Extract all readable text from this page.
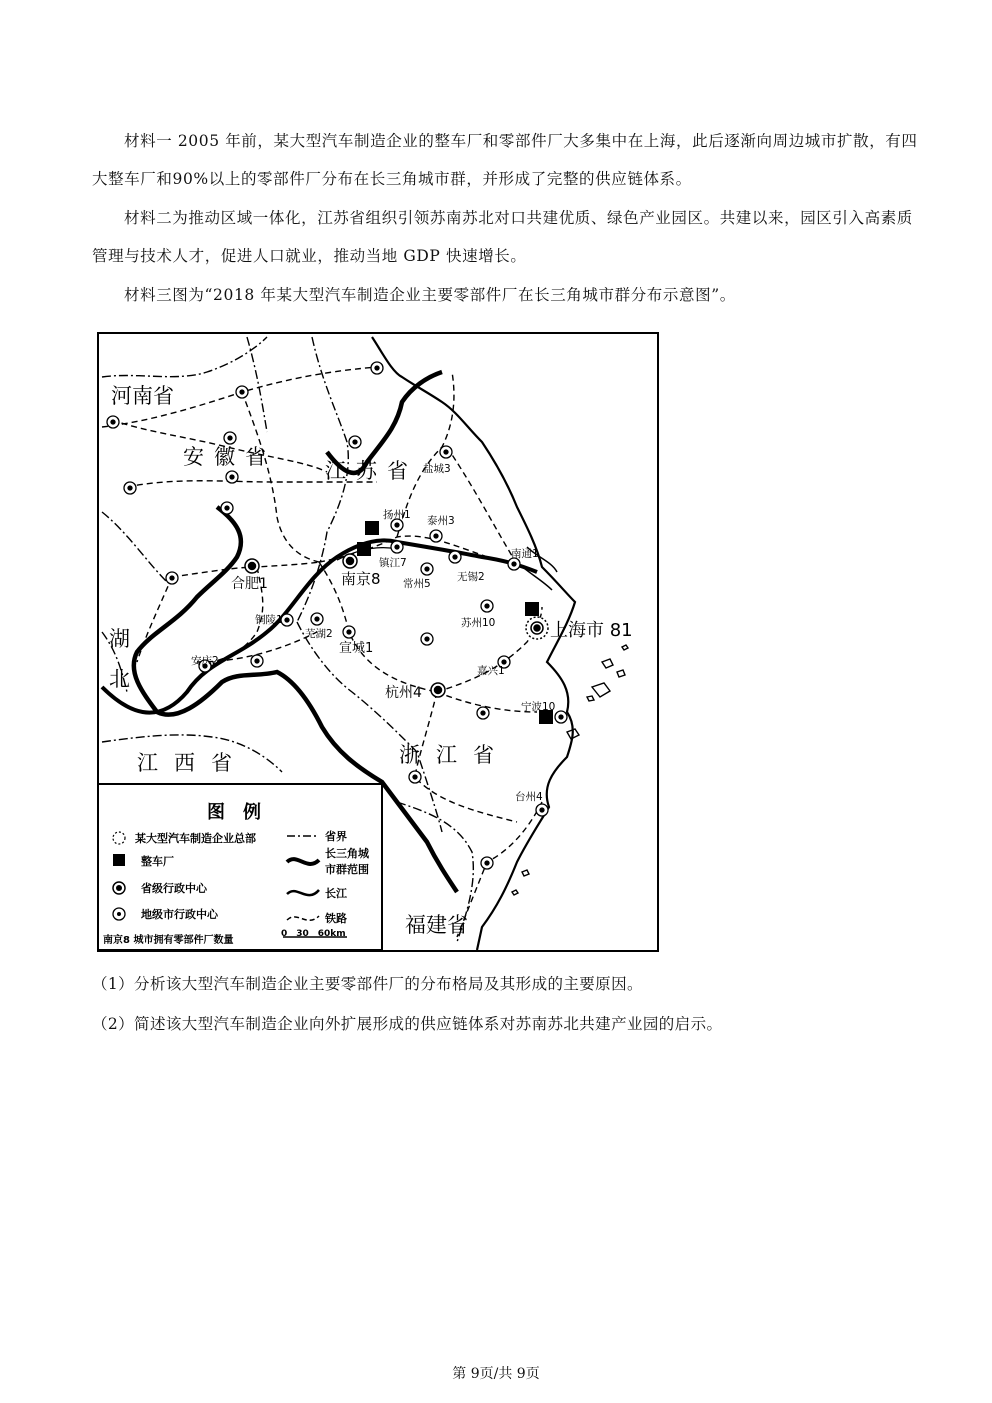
材料一 2005 年前，某大型汽车制造企业的整车厂和零部件厂大多集中在上海，此后逐渐向周边城市扩散，有四大整车厂和90%以上的零部件厂分布在长三角城市群，并形成了完整的供应链体系。
材料二为推动区域一体化，江苏省组织引领苏南苏北对口共建优质、绿色产业园区。共建以来，园区引入高素质管理与技术人才，促进人口就业，推动当地 GDP 快速增长。
材料三图为“2018 年某大型汽车制造企业主要零部件厂在长三角城市群分布示意图”。
河南省
安徽省
江苏省
湖
北
江西省	浙江省
福建省
盐城3
扬州1 泰州3
南通1
镇江7
南京8 常州5
无锡2
合肥1
苏州10	上海市 81
铜陵1
芜湖2
宣城1
安庆2
嘉兴1
杭州4
宁波10
台州4
图　例
某大型汽车制造企业总部
整车厂
省级行政中心
地级市行政中心
省界
长三角城
市群范围
长江
铁路
南京8 城市拥有零部件厂数量
0　30　60km
（1）分析该大型汽车制造企业主要零部件厂的分布格局及其形成的主要原因。
（2）简述该大型汽车制造企业向外扩展形成的供应链体系对苏南苏北共建产业园的启示。
第 9页/共 9页
